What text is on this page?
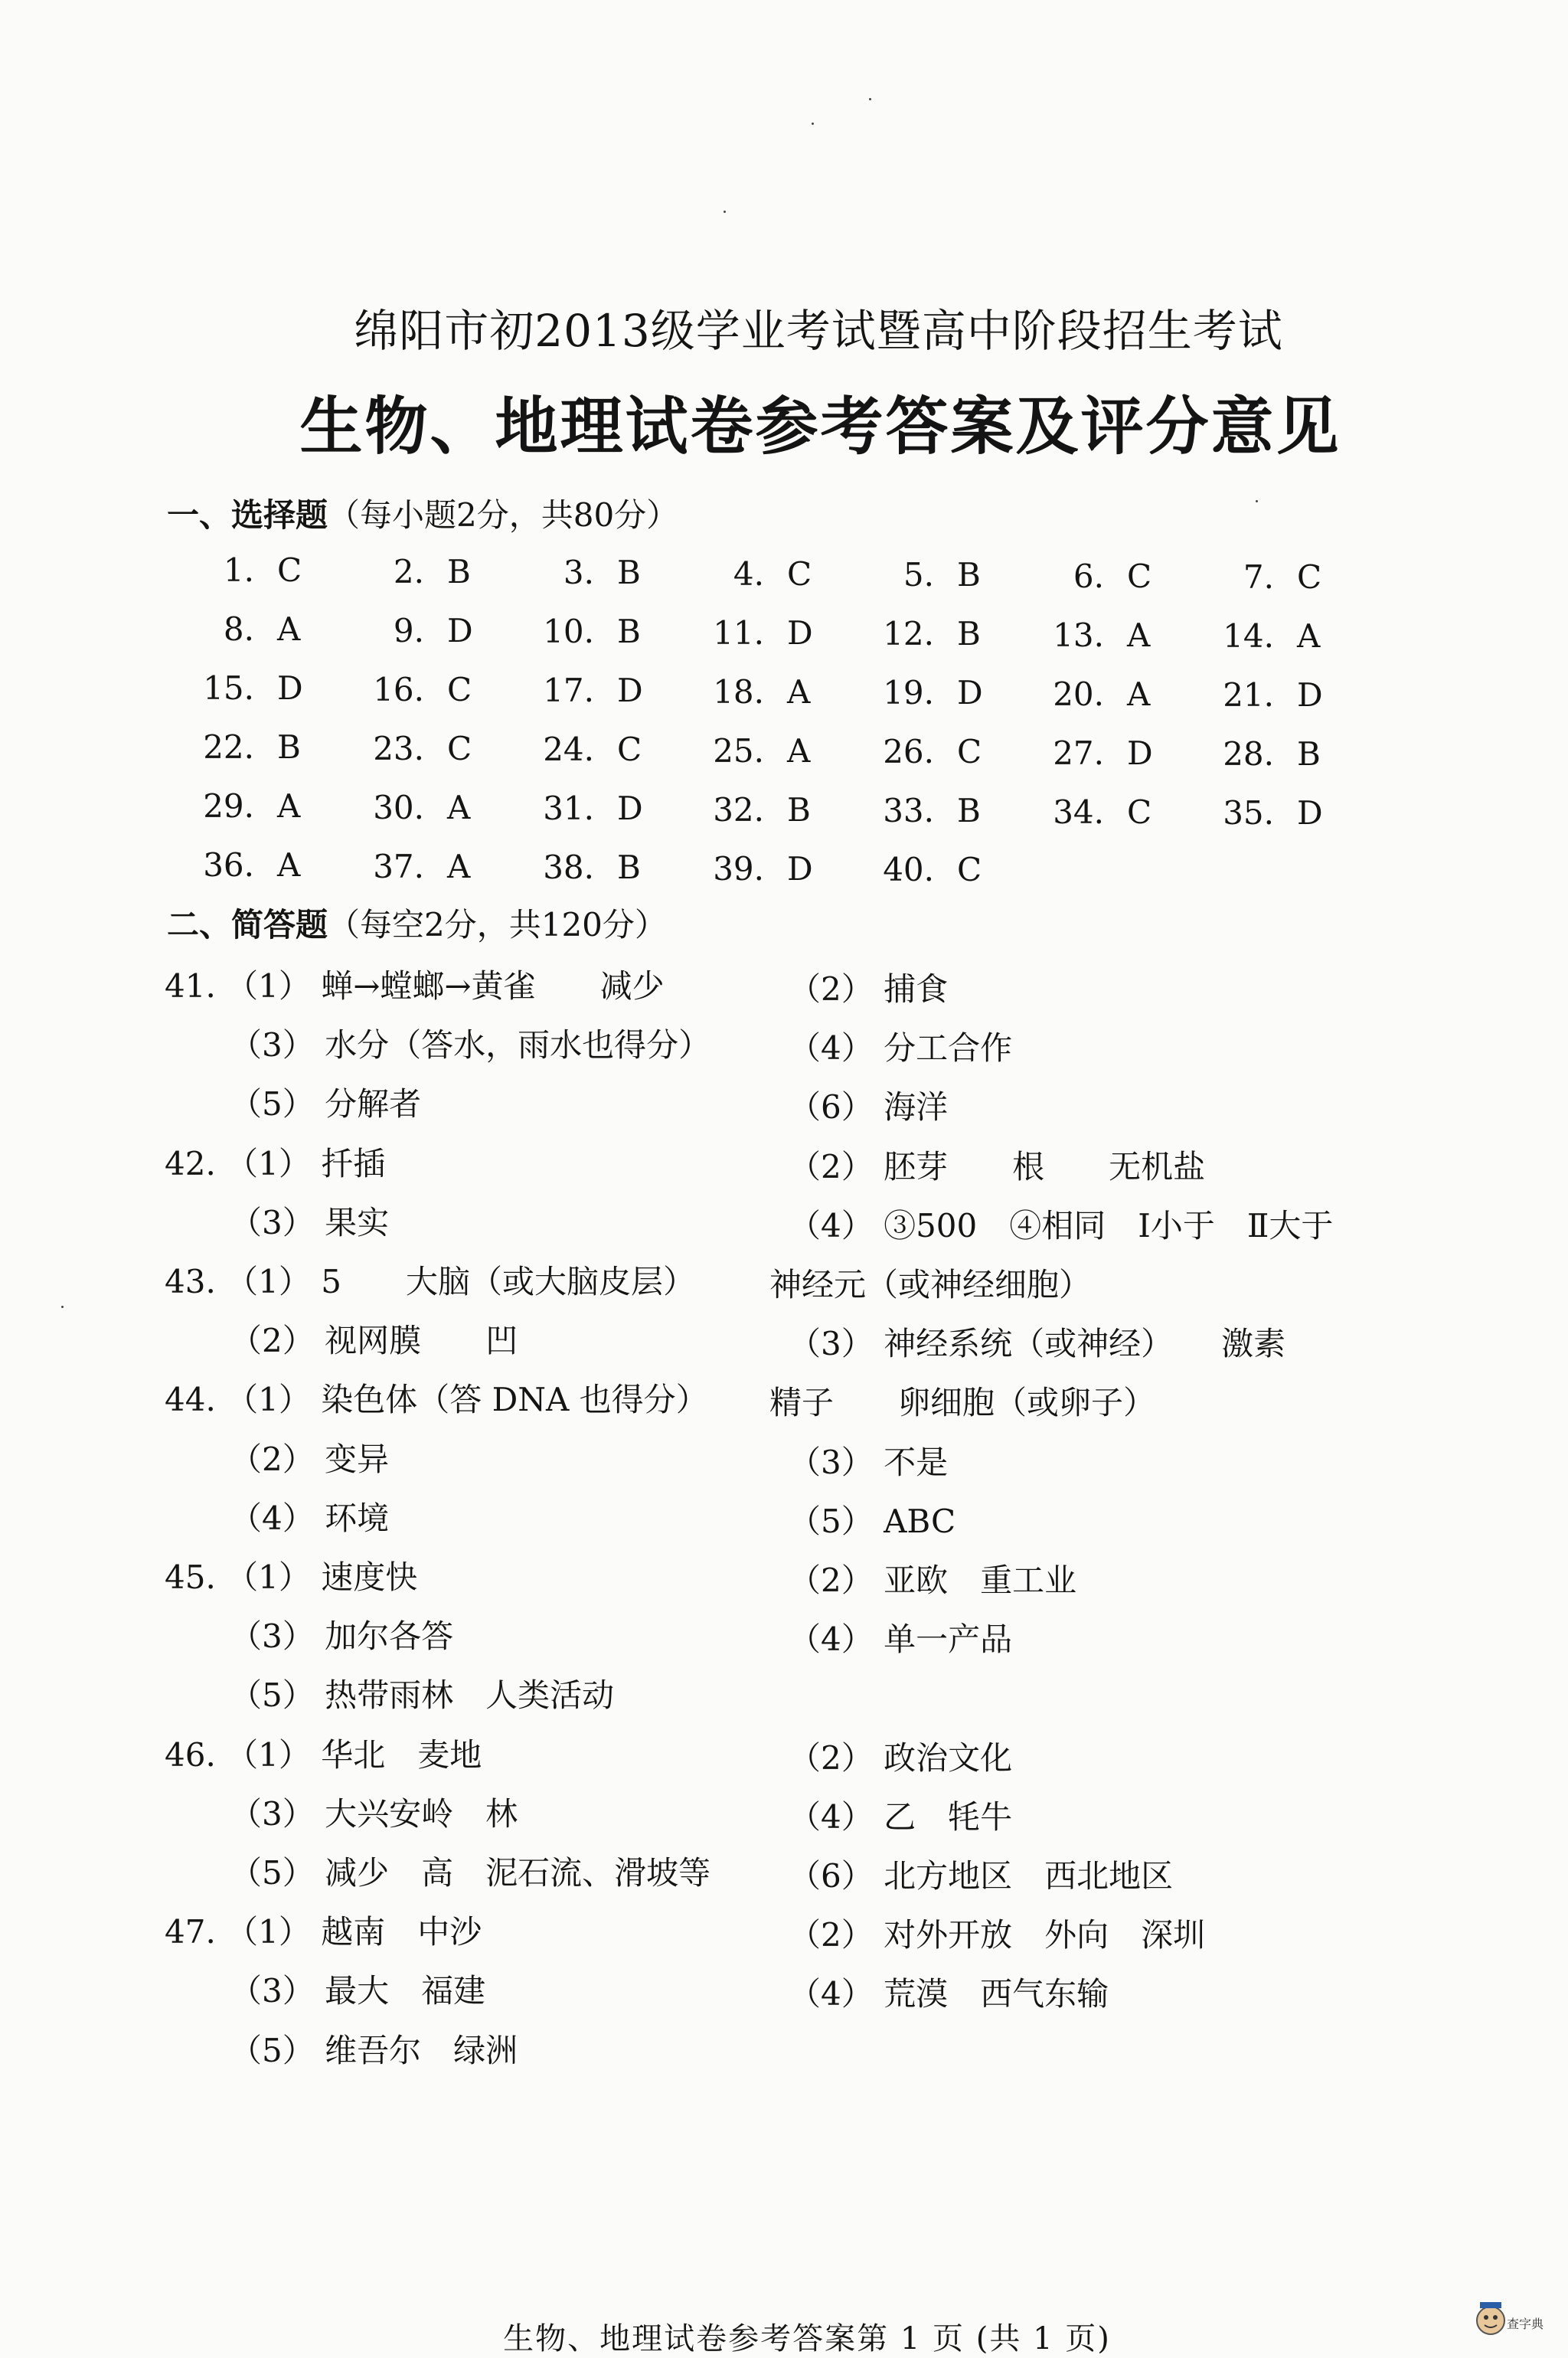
绵阳市初2013级学业考试暨高中阶段招生考试
生物、地理试卷参考答案及评分意见
一、选择题（每小题2分，共80分）
1. C	2. B	3. B	4. C	5. B	6. C	7. C
8. A	9. D	10. B	11. D	12. B	13. A	14. A
15. D	16. C	17. D	18. A	19. D	20. A	21. D
22. B	23. C	24. C	25. A	26. C	27. D	28. B
29. A	30. A	31. D	32. B	33. B	34. C	35. D
36. A	37. A	38. B	39. D	40. C
二、简答题（每空2分，共120分）
41. （1） 蝉→螳螂→黄雀　　减少	（2） 捕食
（3） 水分（答水，雨水也得分） （4） 分工合作
（5） 分解者	（6） 海洋
42. （1） 扦插	（2） 胚芽　　根　　无机盐
（3） 果实	（4） ③500　④相同　Ⅰ小于　Ⅱ大于
43. （1） 5　　大脑（或大脑皮层） 神经元（或神经细胞）
（2） 视网膜　　凹	（3） 神经系统（或神经）　　激素
44. （1） 染色体（答 DNA 也得分） 精子　　卵细胞（或卵子）
（2） 变异	（3） 不是
（4） 环境	（5） ABC
45. （1） 速度快	（2） 亚欧　重工业
（3） 加尔各答	（4） 单一产品
（5） 热带雨林　人类活动
46. （1） 华北　麦地	（2） 政治文化
（3） 大兴安岭　林	（4） 乙　牦牛
（5） 减少　高　泥石流、滑坡等 （6） 北方地区　西北地区
47. （1） 越南　中沙	（2） 对外开放　外向　深圳
（3） 最大　福建	（4） 荒漠　西气东输
（5） 维吾尔　绿洲
生物、地理试卷参考答案第 1 页 (共 1 页)	查字典
